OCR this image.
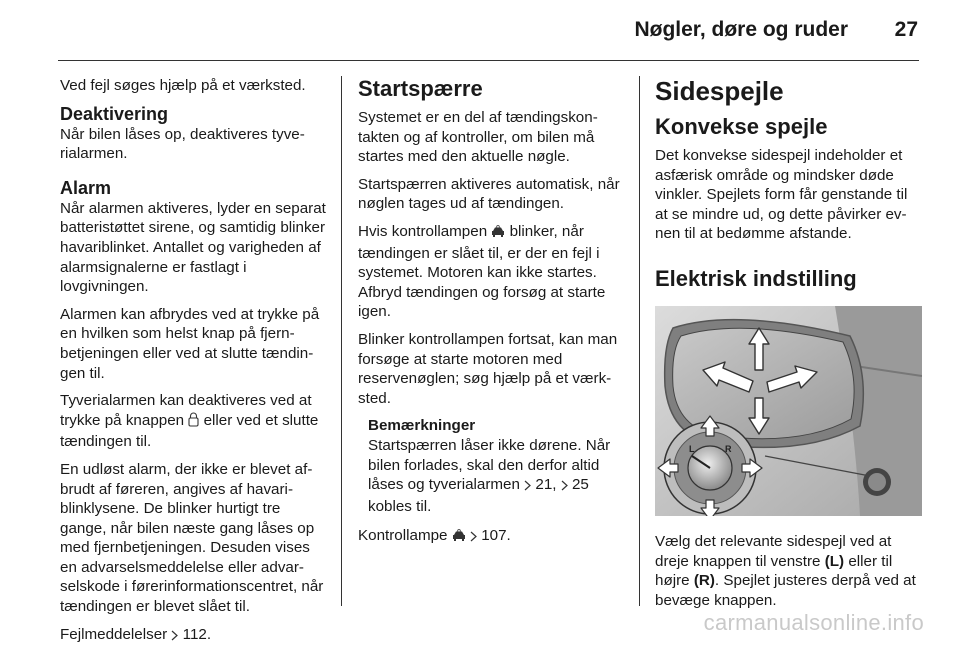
Nøgler, døre og ruder 27

Ved fejl søges hjælp på et værksted.

Deaktivering

Når bilen låses op, deaktiveres tyverialarmen.

Alarm

Når alarmen aktiveres, lyder en separat batteristøttet sirene, og samtidig blinker havariblinket. Antallet og varigheden af alarmsignalerne er fastlagt i lovgivningen.

Alarmen kan afbrydes ved at trykke på en hvilken som helst knap på fjernbetjeningen eller ved at slutte tændingen til.

Tyverialarmen kan deaktiveres ved at trykke på knappen  eller ved et slutte tændingen til.

En udløst alarm, der ikke er blevet afbrudt af føreren, angives af havariblinklysene. De blinker hurtigt tre gange, når bilen næste gang låses op med fjernbetjeningen. Desuden vises en advarselsmeddelelse eller advarselskode i førerinformationscentret, når tændingen er blevet slået til.

Fejlmeddelelser 112.

Startspærre

Systemet er en del af tændingskontakten og af kontroller, om bilen må startes med den aktuelle nøgle.

Startspærren aktiveres automatisk, når nøglen tages ud af tændingen.

Hvis kontrollampen  blinker, når tændingen er slået til, er der en fejl i systemet. Motoren kan ikke startes. Afbryd tændingen og forsøg at starte igen.

Blinker kontrollampen fortsat, kan man forsøge at starte motoren med reservenøglen; søg hjælp på et værksted.

Bemærkninger
Startspærren låser ikke dørene. Når bilen forlades, skal den derfor altid låses og tyverialarmen  21,  25 kobles til.

Kontrollampe   107.

Sidespejle
Konvekse spejle

Det konvekse sidespejl indeholder et asfærisk område og mindsker døde vinkler. Spejlets form får genstande til at se mindre ud, og dette påvirker evnen til at bedømme afstande.

Elektrisk indstilling
L	R

Vælg det relevante sidespejl ved at dreje knappen til venstre (L) eller til højre (R). Spejlet justeres derpå ved at bevæge knappen.

carmanualsonline.info
